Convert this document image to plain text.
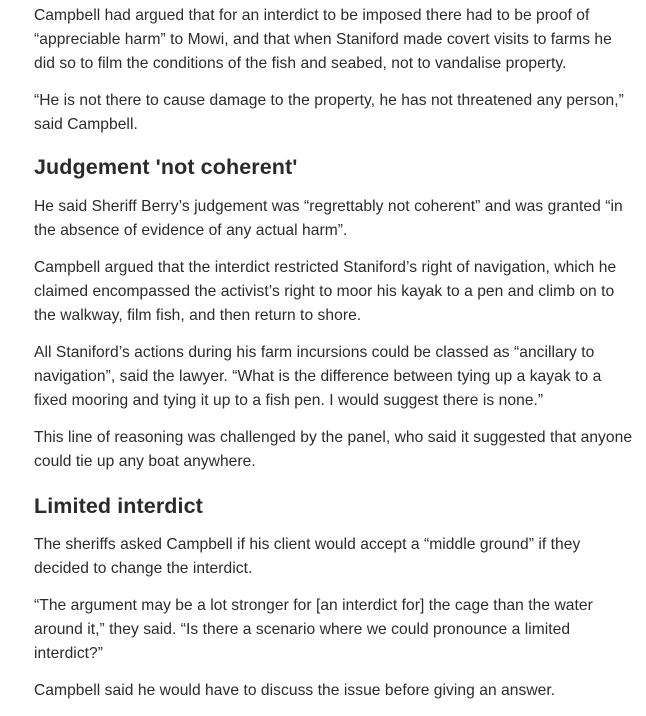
Campbell had argued that for an interdict to be imposed there had to be proof of “appreciable harm” to Mowi, and that when Staniford made covert visits to farms he did so to film the conditions of the fish and seabed, not to vandalise property.

“He is not there to cause damage to the property, he has not threatened any person,” said Campbell.

Judgement 'not coherent'

He said Sheriff Berry’s judgement was “regrettably not coherent” and was granted “in the absence of evidence of any actual harm”.

Campbell argued that the interdict restricted Staniford’s right of navigation, which he claimed encompassed the activist’s right to moor his kayak to a pen and climb on to the walkway, film fish, and then return to shore.

All Staniford’s actions during his farm incursions could be classed as “ancillary to navigation”, said the lawyer. “What is the difference between tying up a kayak to a fixed mooring and tying it up to a fish pen. I would suggest there is none.”

This line of reasoning was challenged by the panel, who said it suggested that anyone could tie up any boat anywhere.

Limited interdict

The sheriffs asked Campbell if his client would accept a “middle ground” if they decided to change the interdict.

“The argument may be a lot stronger for [an interdict for] the cage than the water around it,” they said. “Is there a scenario where we could pronounce a limited interdict?”

Campbell said he would have to discuss the issue before giving an answer.
